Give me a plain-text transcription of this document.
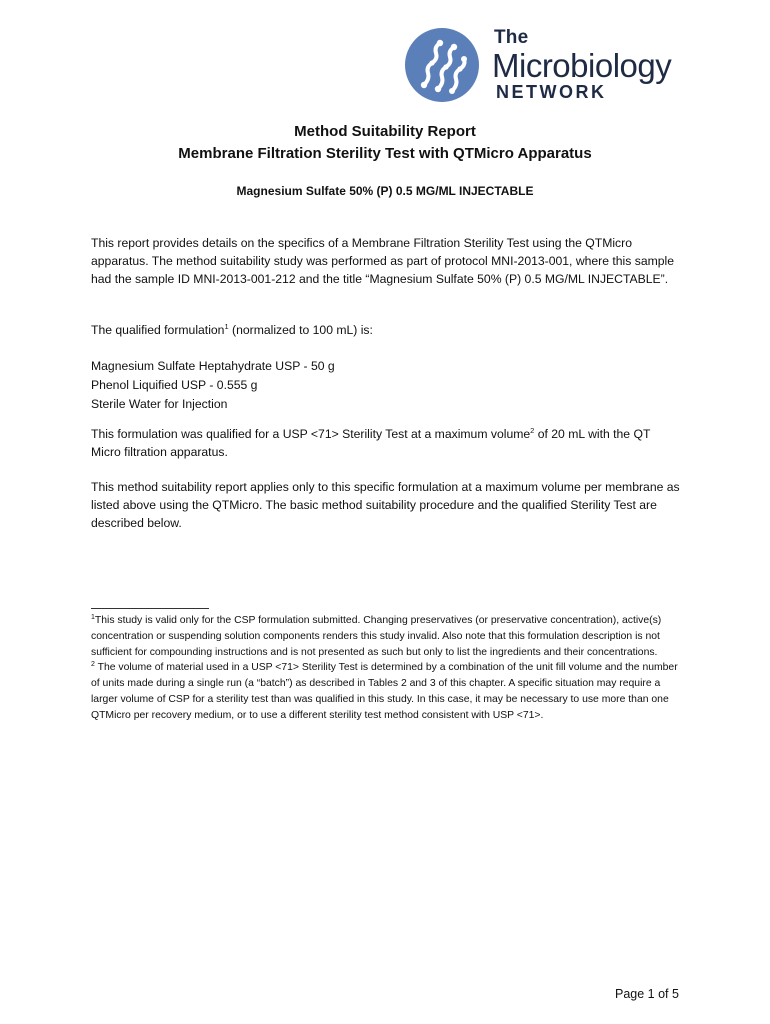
The
Microbiology
NETWORK
Method Suitability Report
Membrane Filtration Sterility Test with QTMicro Apparatus
Magnesium Sulfate 50% (P) 0.5 MG/ML INJECTABLE
This report provides details on the specifics of a Membrane Filtration Sterility Test using the QTMicro apparatus. The method suitability study was performed as part of protocol MNI-2013-001, where this sample had the sample ID MNI-2013-001-212 and the title “Magnesium Sulfate 50% (P) 0.5 MG/ML INJECTABLE”.
The qualified formulation$^1$ (normalized to 100 mL) is:
Magnesium Sulfate Heptahydrate USP - 50 g
Phenol Liquified USP - 0.555 g
Sterile Water for Injection
This formulation was qualified for a USP <71> Sterility Test at a maximum volume$^2$ of 20 mL with the QT Micro filtration apparatus.
This method suitability report applies only to this specific formulation at a maximum volume per membrane as listed above using the QTMicro. The basic method suitability procedure and the qualified Sterility Test are described below.
$^1$This study is valid only for the CSP formulation submitted. Changing preservatives (or preservative concentration), active(s) concentration or suspending solution components renders this study invalid. Also note that this formulation description is not sufficient for compounding instructions and is not presented as such but only to list the ingredients and their concentrations.
$^2$ The volume of material used in a USP <71> Sterility Test is determined by a combination of the unit fill volume and the number of units made during a single run (a “batch”) as described in Tables 2 and 3 of this chapter. A specific situation may require a larger volume of CSP for a sterility test than was qualified in this study. In this case, it may be necessary to use more than one QTMicro per recovery medium, or to use a different sterility test method consistent with USP <71>.
Page 1 of 5
